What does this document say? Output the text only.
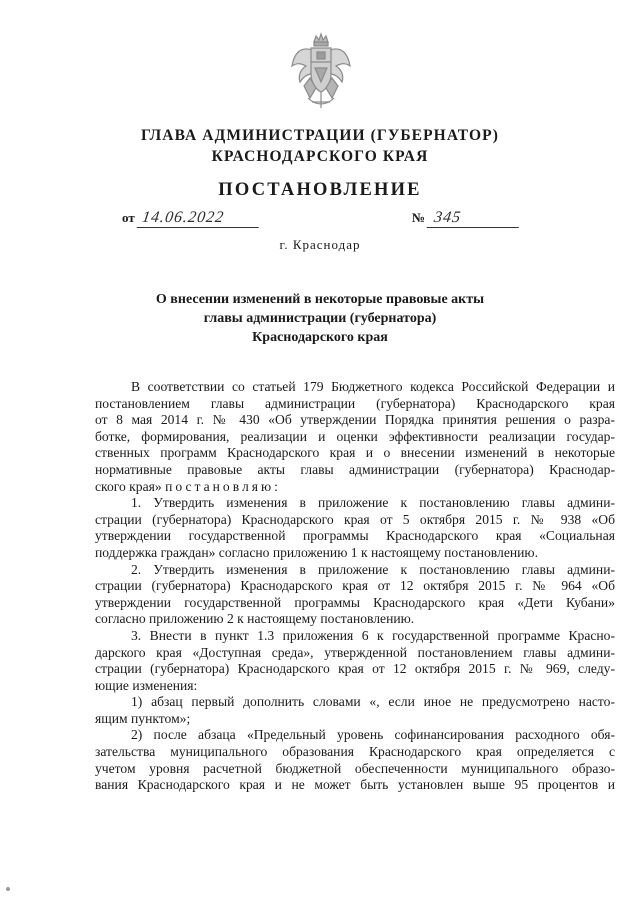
ГЛАВА АДМИНИСТРАЦИИ (ГУБЕРНАТОР)
КРАСНОДАРСКОГО КРАЯ
ПОСТАНОВЛЕНИЕ
от 14.06.2022	№ 345
г. Краснодар
О внесении изменений в некоторые правовые акты
главы администрации (губернатора)
Краснодарского края

В соответствии со статьей 179 Бюджетного кодекса Российской Федерации и

постановлением главы администрации (губернатора) Краснодарского края

от 8 мая 2014 г. № 430 «Об утверждении Порядка принятия решения о разра-

ботке, формирования, реализации и оценки эффективности реализации государ-

ственных программ Краснодарского края и о внесении изменений в некоторые

нормативные правовые акты главы администрации (губернатора) Краснодар-

ского края» постановляю:

1. Утвердить изменения в приложение к постановлению главы админи-

страции (губернатора) Краснодарского края от 5 октября 2015 г. № 938 «Об

утверждении государственной программы Краснодарского края «Социальная

поддержка граждан» согласно приложению 1 к настоящему постановлению.

2. Утвердить изменения в приложение к постановлению главы админи-

страции (губернатора) Краснодарского края от 12 октября 2015 г. № 964 «Об

утверждении государственной программы Краснодарского края «Дети Кубани»

согласно приложению 2 к настоящему постановлению.

3. Внести в пункт 1.3 приложения 6 к государственной программе Красно-

дарского края «Доступная среда», утвержденной постановлением главы админи-

страции (губернатора) Краснодарского края от 12 октября 2015 г. № 969, следу-

ющие изменения:

1) абзац первый дополнить словами «, если иное не предусмотрено насто-

ящим пунктом»;

2) после абзаца «Предельный уровень софинансирования расходного обя-

зательства муниципального образования Краснодарского края определяется с

учетом уровня расчетной бюджетной обеспеченности муниципального образо-

вания Краснодарского края и не может быть установлен выше 95 процентов и
